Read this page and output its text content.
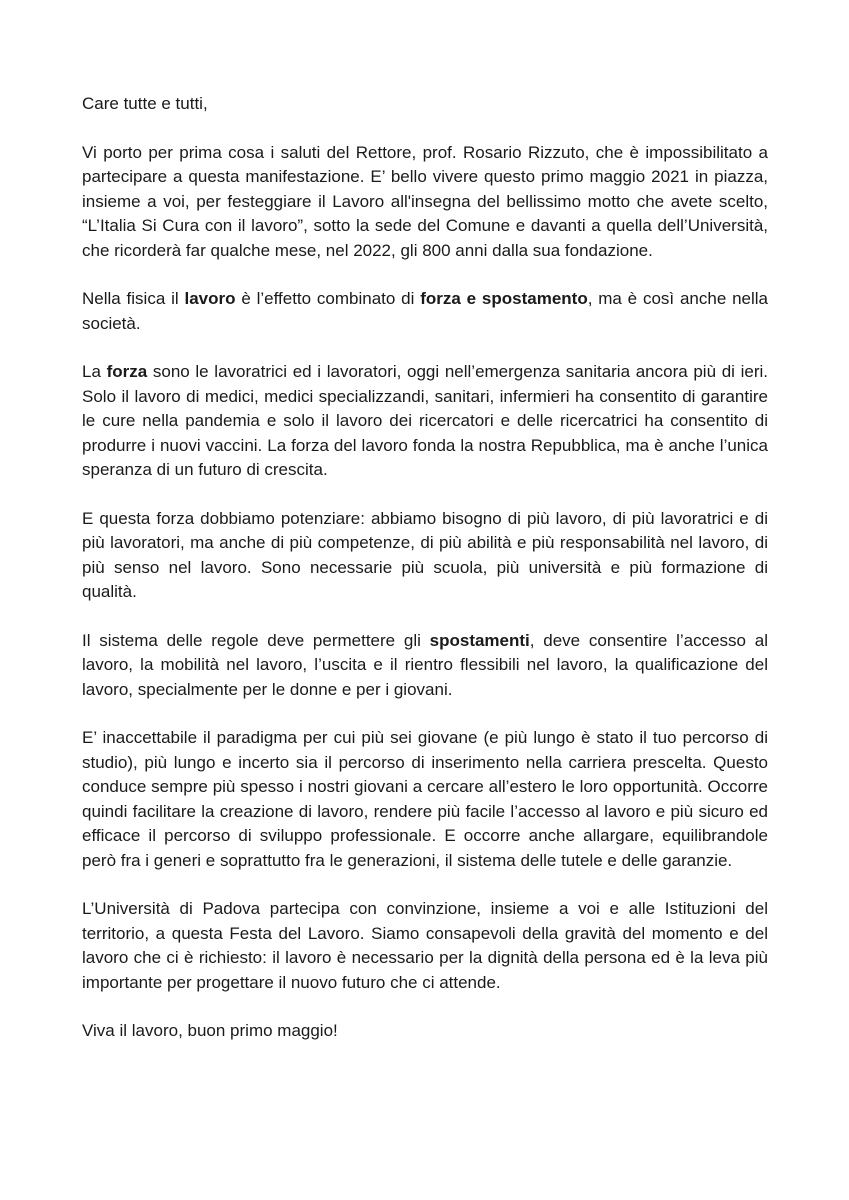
Care tutte e tutti,

Vi porto per prima cosa i saluti del Rettore, prof. Rosario Rizzuto, che è impossibilitato a partecipare a questa manifestazione. E’ bello vivere questo primo maggio 2021 in piazza, insieme a voi, per festeggiare il Lavoro all'insegna del bellissimo motto che avete scelto, “L’Italia Si Cura con il lavoro”, sotto la sede del Comune e davanti a quella dell’Università, che ricorderà far qualche mese, nel 2022, gli 800 anni dalla sua fondazione.

Nella fisica il lavoro è l’effetto combinato di forza e spostamento, ma è così anche nella società.

La forza sono le lavoratrici ed i lavoratori, oggi nell’emergenza sanitaria ancora più di ieri. Solo il lavoro di medici, medici specializzandi, sanitari, infermieri ha consentito di garantire le cure nella pandemia e solo il lavoro dei ricercatori e delle ricercatrici ha consentito di produrre i nuovi vaccini. La forza del lavoro fonda la nostra Repubblica, ma è anche l’unica speranza di un futuro di crescita.

E questa forza dobbiamo potenziare: abbiamo bisogno di più lavoro, di più lavoratrici e di più lavoratori, ma anche di più competenze, di più abilità e più responsabilità nel lavoro, di più senso nel lavoro. Sono necessarie più scuola, più università e più formazione di qualità.

Il sistema delle regole deve permettere gli spostamenti, deve consentire l’accesso al lavoro, la mobilità nel lavoro, l’uscita e il rientro flessibili nel lavoro, la qualificazione del lavoro, specialmente per le donne e per i giovani.

E’ inaccettabile il paradigma per cui più sei giovane (e più lungo è stato il tuo percorso di studio), più lungo e incerto sia il percorso di inserimento nella carriera prescelta. Questo conduce sempre più spesso i nostri giovani a cercare all’estero le loro opportunità. Occorre quindi facilitare la creazione di lavoro, rendere più facile l’accesso al lavoro e più sicuro ed efficace il percorso di sviluppo professionale. E occorre anche allargare, equilibrandole però fra i generi e soprattutto fra le generazioni, il sistema delle tutele e delle garanzie.

L’Università di Padova partecipa con convinzione, insieme a voi e alle Istituzioni del territorio, a questa Festa del Lavoro. Siamo consapevoli della gravità del momento e del lavoro che ci è richiesto: il lavoro è necessario per la dignità della persona ed è la leva più importante per progettare il nuovo futuro che ci attende.

Viva il lavoro, buon primo maggio!
